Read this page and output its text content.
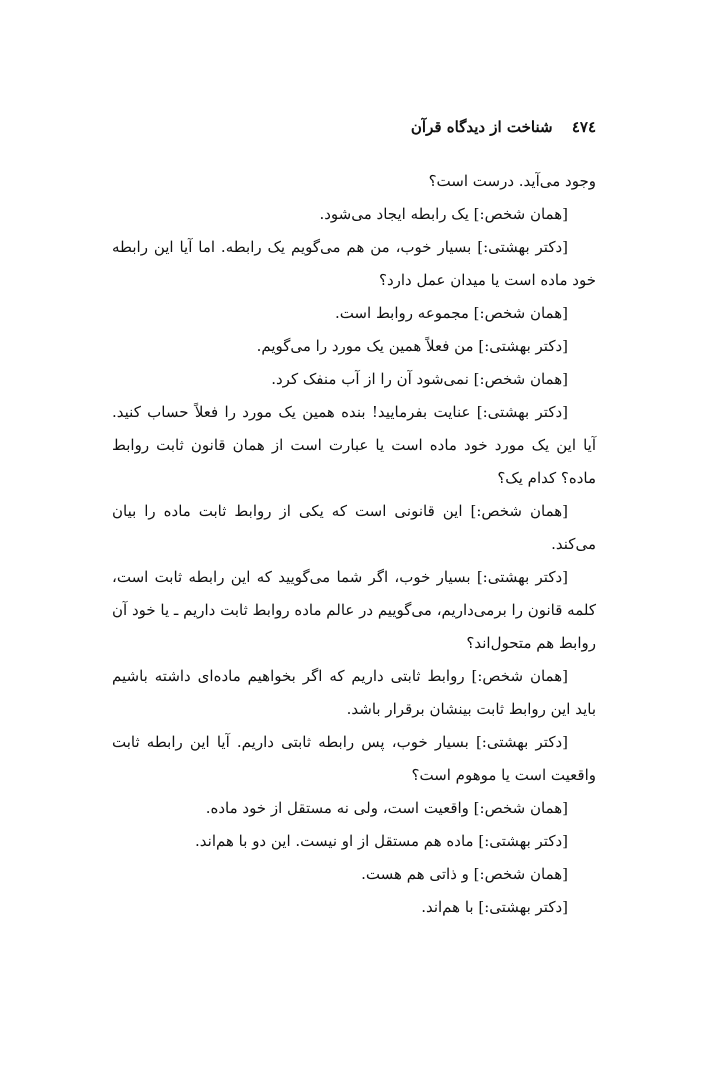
٤٧٤ شناخت از دیدگاه قرآن

وجود می‌آید. درست است؟

[همان شخص:] یک رابطه ایجاد می‌شود.

[دکتر بهشتی:] بسیار خوب، من هم می‌گویم یک رابطه. اما آیا این رابطه خود ماده است یا میدان عمل دارد؟

[همان شخص:] مجموعه روابط است.

[دکتر بهشتی:] من فعلاً همین یک مورد را می‌گویم.

[همان شخص:] نمی‌شود آن را از آب منفک کرد.

[دکتر بهشتی:] عنایت بفرمایید! بنده همین یک مورد را فعلاً حساب کنید. آیا این یک مورد خود ماده است یا عبارت است از همان قانون ثابت روابط ماده؟ کدام یک؟

[همان شخص:] این قانونی است که یکی از روابط ثابت ماده را بیان می‌کند.

[دکتر بهشتی:] بسیار خوب، اگر شما می‌گویید که این رابطه ثابت است، کلمه قانون را برمی‌داریم، می‌گوییم در عالم ماده روابط ثابت داریم ـ یا خود آن روابط هم متحول‌اند؟

[همان شخص:] روابط ثابتی داریم که اگر بخواهیم ماده‌ای داشته باشیم باید این روابط ثابت بینشان برقرار باشد.

[دکتر بهشتی:] بسیار خوب، پس رابطه ثابتی داریم. آیا این رابطه ثابت واقعیت است یا موهوم است؟

[همان شخص:] واقعیت است، ولی نه مستقل از خود ماده.

[دکتر بهشتی:] ماده هم مستقل از او نیست. این دو با هم‌اند.

[همان شخص:] و ذاتی هم هست.

[دکتر بهشتی:] با هم‌اند.
